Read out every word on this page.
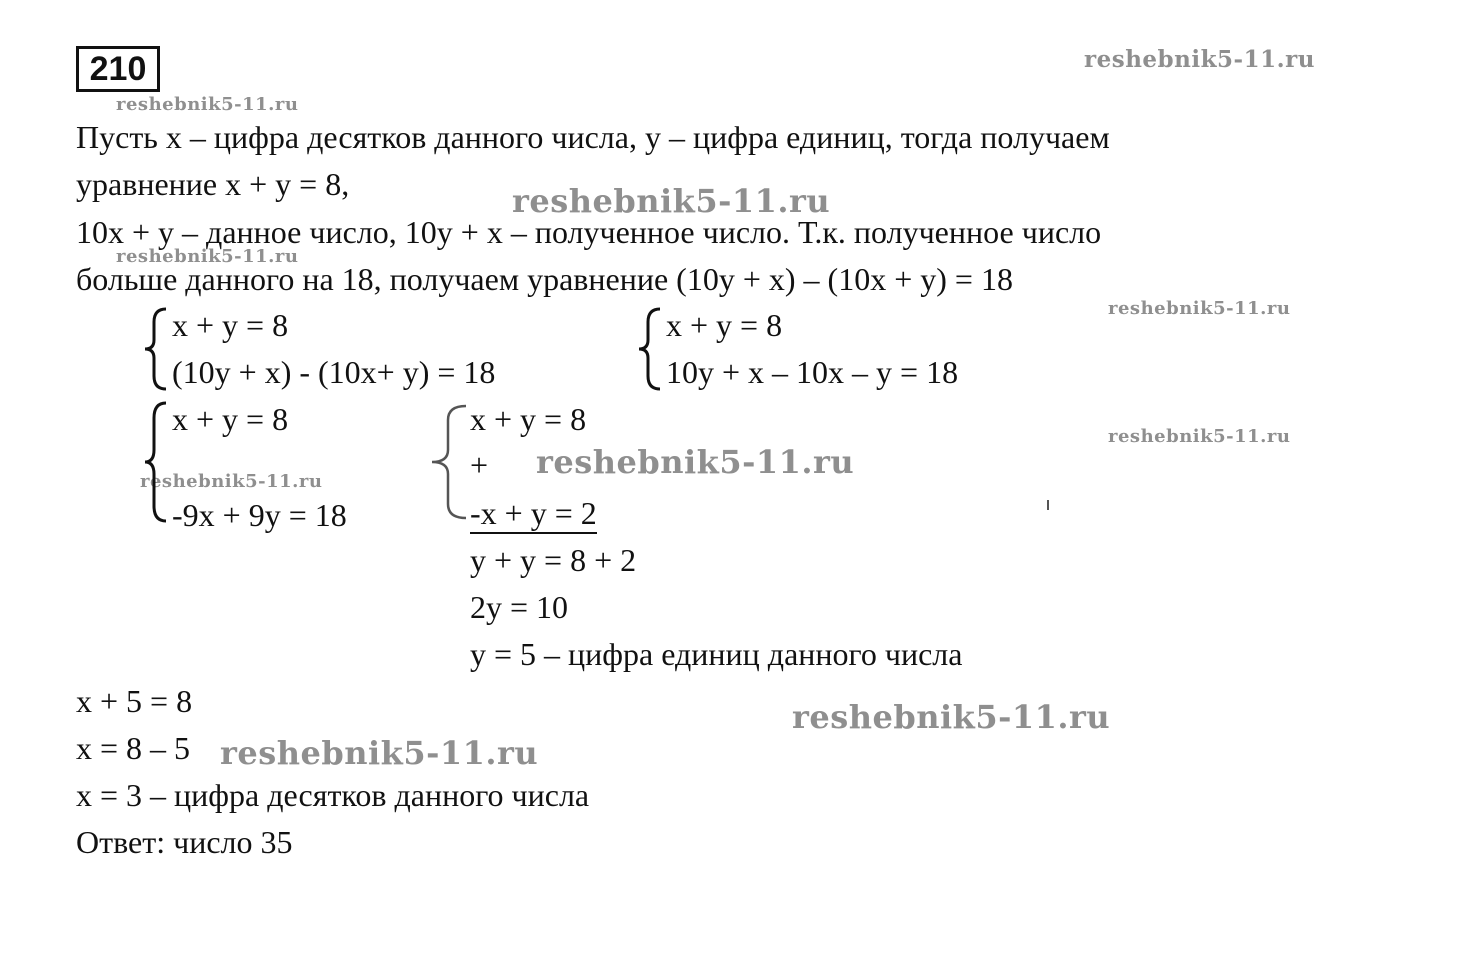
210	reshebnik5-11.ru
reshebnik5-11.ru
reshebnik5-11.ru
reshebnik5-11.ru
reshebnik5-11.ru
reshebnik5-11.ru
reshebnik5-11.ru
reshebnik5-11.ru
reshebnik5-11.ru
reshebnik5-11.ru
Пусть x – цифра десятков данного числа, y – цифра единиц, тогда получаем
уравнение x + y = 8,
10x + y – данное число, 10y + x – полученное число. Т.к. полученное число
больше данного на 18, получаем уравнение (10y + x) – (10x + y) = 18
x + y = 8
(10y + x) - (10x+ y) = 18
x + y = 8
10y + x – 10x – y = 18
x + y = 8
-9x + 9y = 18
x + y = 8
+
-x + y = 2
y + y = 8 + 2
2y = 10
y = 5 – цифра единиц данного числа
x + 5 = 8
x = 8 – 5
x = 3 – цифра десятков данного числа
Ответ: число 35
